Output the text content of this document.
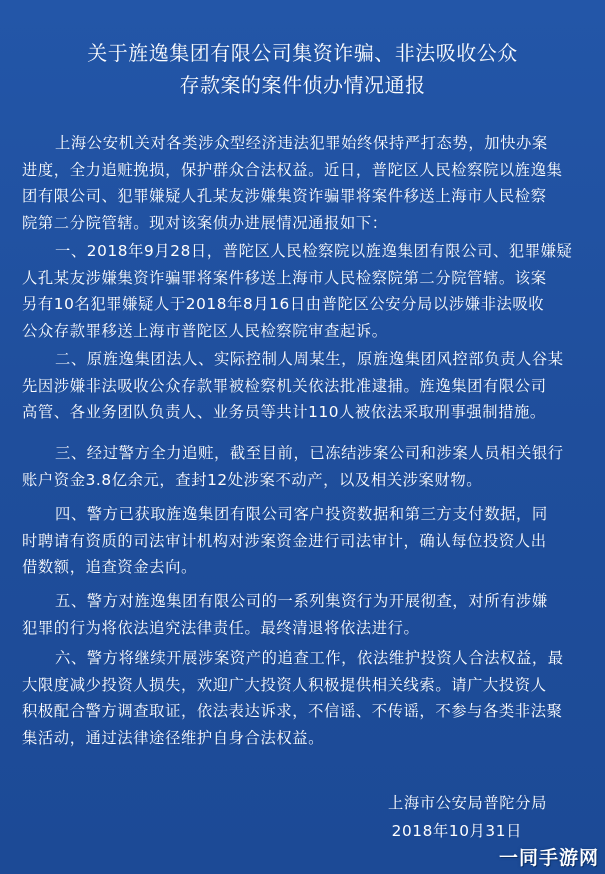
关于旌逸集团有限公司集资诈骗、非法吸收公众
存款案的案件侦办情况通报
上海公安机关对各类涉众型经济违法犯罪始终保持严打态势，加快办案
进度，全力追赃挽损，保护群众合法权益。近日，普陀区人民检察院以旌逸集
团有限公司、犯罪嫌疑人孔某友涉嫌集资诈骗罪将案件移送上海市人民检察
院第二分院管辖。现对该案侦办进展情况通报如下：
一、2018年9月28日，普陀区人民检察院以旌逸集团有限公司、犯罪嫌疑
人孔某友涉嫌集资诈骗罪将案件移送上海市人民检察院第二分院管辖。该案
另有10名犯罪嫌疑人于2018年8月16日由普陀区公安分局以涉嫌非法吸收
公众存款罪移送上海市普陀区人民检察院审查起诉。
二、原旌逸集团法人、实际控制人周某生，原旌逸集团风控部负责人谷某
先因涉嫌非法吸收公众存款罪被检察机关依法批准逮捕。旌逸集团有限公司
高管、各业务团队负责人、业务员等共计110人被依法采取刑事强制措施。
三、经过警方全力追赃，截至目前，已冻结涉案公司和涉案人员相关银行
账户资金3.8亿余元，查封12处涉案不动产，以及相关涉案财物。
四、警方已获取旌逸集团有限公司客户投资数据和第三方支付数据，同
时聘请有资质的司法审计机构对涉案资金进行司法审计，确认每位投资人出
借数额，追查资金去向。
五、警方对旌逸集团有限公司的一系列集资行为开展彻查，对所有涉嫌
犯罪的行为将依法追究法律责任。最终清退将依法进行。
六、警方将继续开展涉案资产的追查工作，依法维护投资人合法权益，最
大限度减少投资人损失，欢迎广大投资人积极提供相关线索。请广大投资人
积极配合警方调查取证，依法表达诉求，不信谣、不传谣，不参与各类非法聚
集活动，通过法律途径维护自身合法权益。
上海市公安局普陀分局
2018年10月31日
一同手游网
